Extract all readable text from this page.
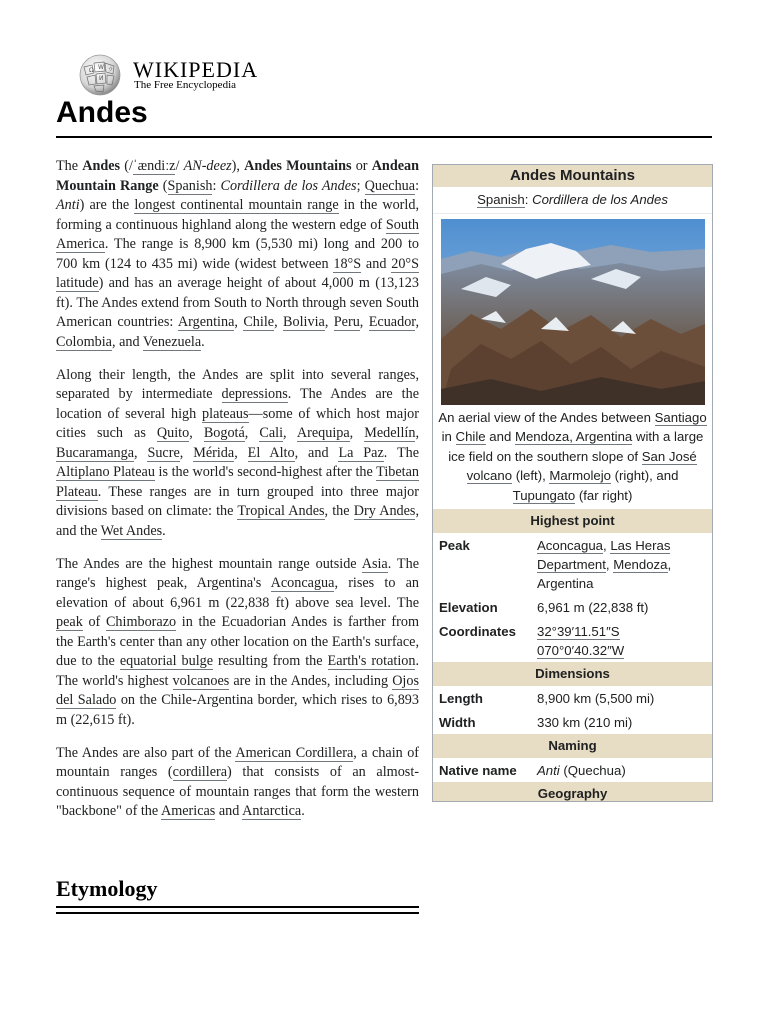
Ω W
И
ウ WIKIPEDIA
The Free Encyclopedia
Andes

The Andes (/ˈændiːz/ AN-deez), Andes Mountains or Andean Mountain Range (Spanish: Cordillera de los Andes; Quechua: Anti) are the longest continental mountain range in the world, forming a continuous highland along the western edge of South America. The range is 8,900 km (5,530 mi) long and 200 to 700 km (124 to 435 mi) wide (widest between 18°S and 20°S latitude) and has an average height of about 4,000 m (13,123 ft). The Andes extend from South to North through seven South American countries: Argentina, Chile, Bolivia, Peru, Ecuador, Colombia, and Venezuela.

Along their length, the Andes are split into several ranges, separated by intermediate depressions. The Andes are the location of several high plateaus—some of which host major cities such as Quito, Bogotá, Cali, Arequipa, Medellín, Bucaramanga, Sucre, Mérida, El Alto, and La Paz. The Altiplano Plateau is the world's second-highest after the Tibetan Plateau. These ranges are in turn grouped into three major divisions based on climate: the Tropical Andes, the Dry Andes, and the Wet Andes.

The Andes are the highest mountain range outside Asia. The range's highest peak, Argentina's Aconcagua, rises to an elevation of about 6,961 m (22,838 ft) above sea level. The peak of Chimborazo in the Ecuadorian Andes is farther from the Earth's center than any other location on the Earth's surface, due to the equatorial bulge resulting from the Earth's rotation. The world's highest volcanoes are in the Andes, including Ojos del Salado on the Chile-Argentina border, which rises to 6,893 m (22,615 ft).

The Andes are also part of the American Cordillera, a chain of mountain ranges (cordillera) that consists of an almost-continuous sequence of mountain ranges that form the western "backbone" of the Americas and Antarctica.

Etymology
Andes Mountains
Spanish: Cordillera de los Andes
An aerial view of the Andes between Santiago in Chile and Mendoza, Argentina with a large ice field on the southern slope of San José volcano (left), Marmolejo (right), and Tupungato (far right)
Highest point
Peak	Aconcagua, Las Heras Department, Mendoza, Argentina
Elevation	6,961 m (22,838 ft)
Coordinates	32°39′11.51″S 070°0′40.32″W
Dimensions
Length	8,900 km (5,500 mi)
Width	330 km (210 mi)
Naming
Native name	Anti (Quechua)
Geography
